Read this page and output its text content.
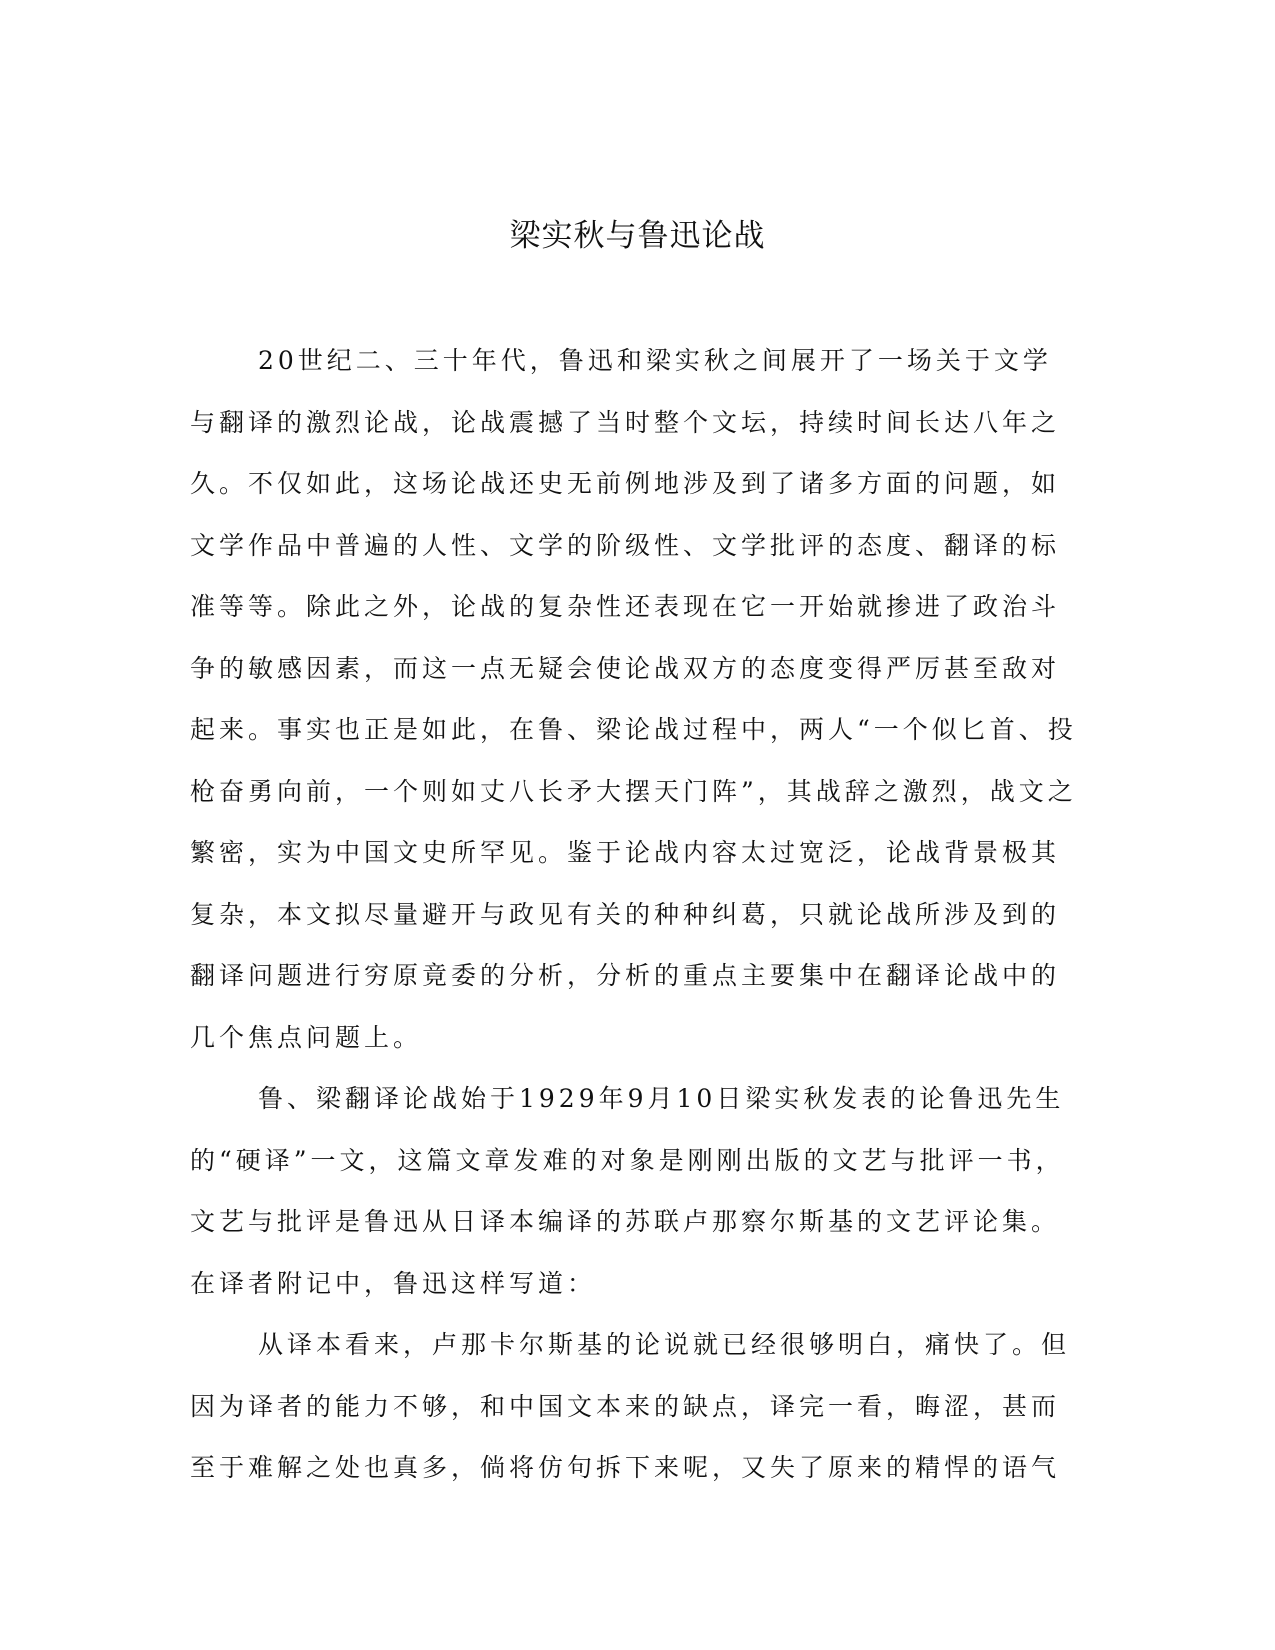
梁实秋与鲁迅论战

20世纪二、三十年代，鲁迅和梁实秋之间展开了一场关于文学与翻译的激烈论战，论战震撼了当时整个文坛，持续时间长达八年之久。不仅如此，这场论战还史无前例地涉及到了诸多方面的问题，如文学作品中普遍的人性、文学的阶级性、文学批评的态度、翻译的标准等等。除此之外，论战的复杂性还表现在它一开始就掺进了政治斗争的敏感因素，而这一点无疑会使论战双方的态度变得严厉甚至敌对起来。事实也正是如此，在鲁、梁论战过程中，两人“一个似匕首、投枪奋勇向前，一个则如丈八长矛大摆天门阵”，其战辞之激烈，战文之繁密，实为中国文史所罕见。鉴于论战内容太过宽泛，论战背景极其复杂，本文拟尽量避开与政见有关的种种纠葛，只就论战所涉及到的翻译问题进行穷原竟委的分析，分析的重点主要集中在翻译论战中的几个焦点问题上。

鲁、梁翻译论战始于1929年9月10日梁实秋发表的论鲁迅先生的“硬译”一文，这篇文章发难的对象是刚刚出版的文艺与批评一书，文艺与批评是鲁迅从日译本编译的苏联卢那察尔斯基的文艺评论集。在译者附记中，鲁迅这样写道：

从译本看来，卢那卡尔斯基的论说就已经很够明白，痛快了。但因为译者的能力不够，和中国文本来的缺点，译完一看，晦涩，甚而至于难解之处也真多，倘将仿句拆下来呢，又失了原来的精悍的语气
